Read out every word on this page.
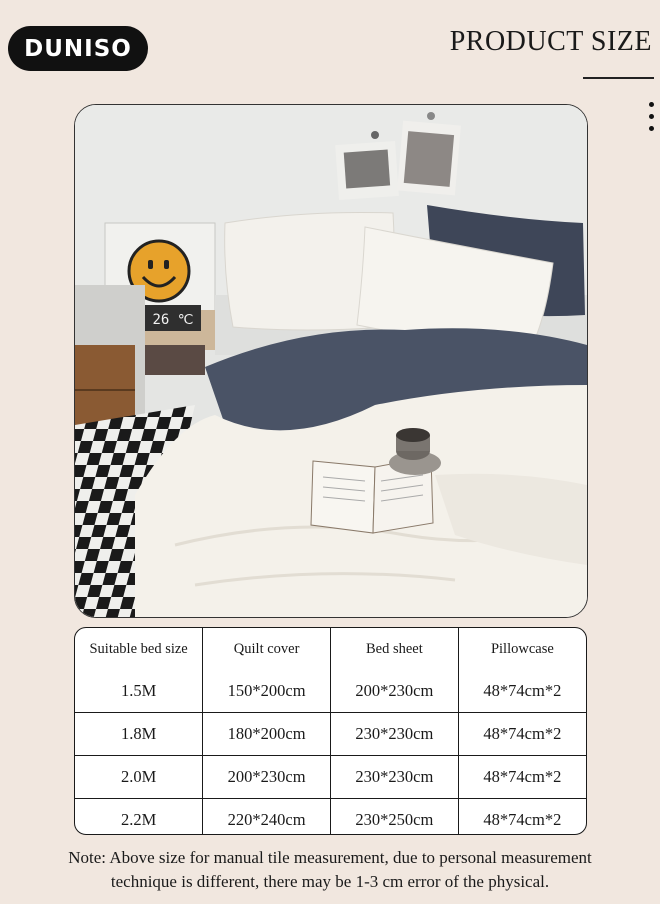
DUNISO	PRODUCT SIZE
26 ℃
Suitable bed size	Quilt cover	Bed sheet	Pillowcase
1.5M	150*200cm	200*230cm	48*74cm*2
1.8M	180*200cm	230*230cm	48*74cm*2
2.0M	200*230cm	230*230cm	48*74cm*2
2.2M	220*240cm	230*250cm	48*74cm*2
Note: Above size for manual tile measurement, due to personal measurement
technique is different, there may be 1-3 cm error of the physical.
